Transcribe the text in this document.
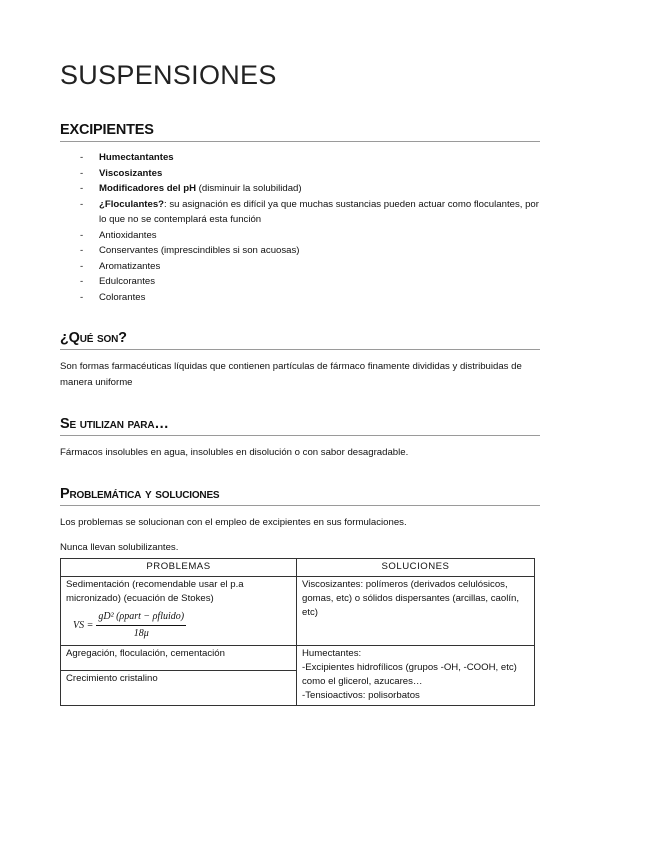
SUSPENSIONES
EXCIPIENTES
- Humectantantes
- Viscosizantes
- Modificadores del pH (disminuir la solubilidad)
- ¿Floculantes?: su asignación es difícil ya que muchas sustancias pueden actuar como floculantes, por lo que no se contemplará esta función
- Antioxidantes
- Conservantes (imprescindibles si son acuosas)
- Aromatizantes
- Edulcorantes
- Colorantes
¿Qué son?

Son formas farmacéuticas líquidas que contienen partículas de fármaco finamente divididas y distribuidas de manera uniforme

Se utilizan para…

Fármacos insolubles en agua, insolubles en disolución o con sabor desagradable.

Problemática y soluciones

Los problemas se solucionan con el empleo de excipientes en sus formulaciones.

Nunca llevan solubilizantes.

PROBLEMAS	SOLUCIONES

Sedimentación (recomendable usar el p.a micronizado) (ecuación de Stokes)
VS = $\frac{\text{gD² (ρpart − ρfluido)}}{18\mu}$	Viscosizantes: polímeros (derivados celulósicos, gomas, etc) o sólidos dispersantes (arcillas, caolín, etc)

Agregación, floculación, cementación	Humectantes:
-Excipientes hidrofílicos (grupos -OH, -COOH, etc) como el glicerol, azucares…
-Tensioactivos: polisorbatos

Crecimiento cristalino	
